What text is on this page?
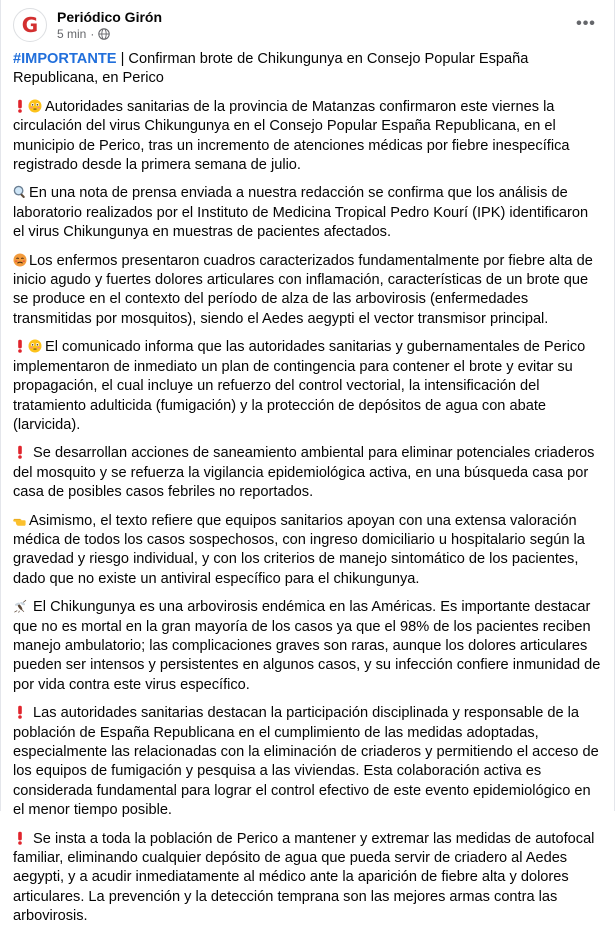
G Periódico Girón
5 min ·
•••

#IMPORTANTE | Confirman brote de Chikungunya en Consejo Popular España Republicana, en Perico

Autoridades sanitarias de la provincia de Matanzas confirmaron este viernes la circulación del virus Chikungunya en el Consejo Popular España Republicana, en el municipio de Perico, tras un incremento de atenciones médicas por fiebre inespecífica registrado desde la primera semana de julio.

En una nota de prensa enviada a nuestra redacción se confirma que los análisis de laboratorio realizados por el Instituto de Medicina Tropical Pedro Kourí (IPK) identificaron el virus Chikungunya en muestras de pacientes afectados.

Los enfermos presentaron cuadros caracterizados fundamentalmente por fiebre alta de inicio agudo y fuertes dolores articulares con inflamación, características de un brote que se produce en el contexto del período de alza de las arbovirosis (enfermedades transmitidas por mosquitos), siendo el Aedes aegypti el vector transmisor principal.

El comunicado informa que las autoridades sanitarias y gubernamentales de Perico implementaron de inmediato un plan de contingencia para contener el brote y evitar su propagación, el cual incluye un refuerzo del control vectorial, la intensificación del tratamiento adulticida (fumigación) y la protección de depósitos de agua con abate (larvicida).

Se desarrollan acciones de saneamiento ambiental para eliminar potenciales criaderos del mosquito y se refuerza la vigilancia epidemiológica activa, en una búsqueda casa por casa de posibles casos febriles no reportados.

Asimismo, el texto refiere que equipos sanitarios apoyan con una extensa valoración médica de todos los casos sospechosos, con ingreso domiciliario u hospitalario según la gravedad y riesgo individual, y con los criterios de manejo sintomático de los pacientes, dado que no existe un antiviral específico para el chikungunya.

El Chikungunya es una arbovirosis endémica en las Américas. Es importante destacar que no es mortal en la gran mayoría de los casos ya que el 98% de los pacientes reciben manejo ambulatorio; las complicaciones graves son raras, aunque los dolores articulares pueden ser intensos y persistentes en algunos casos, y su infección confiere inmunidad de por vida contra este virus específico.

Las autoridades sanitarias destacan la participación disciplinada y responsable de la población de España Republicana en el cumplimiento de las medidas adoptadas, especialmente las relacionadas con la eliminación de criaderos y permitiendo el acceso de los equipos de fumigación y pesquisa a las viviendas. Esta colaboración activa es considerada fundamental para lograr el control efectivo de este evento epidemiológico en el menor tiempo posible.

Se insta a toda la población de Perico a mantener y extremar las medidas de autofocal familiar, eliminando cualquier depósito de agua que pueda servir de criadero al Aedes aegypti, y a acudir inmediatamente al médico ante la aparición de fiebre alta y dolores articulares. La prevención y la detección temprana son las mejores armas contra las arbovirosis.
